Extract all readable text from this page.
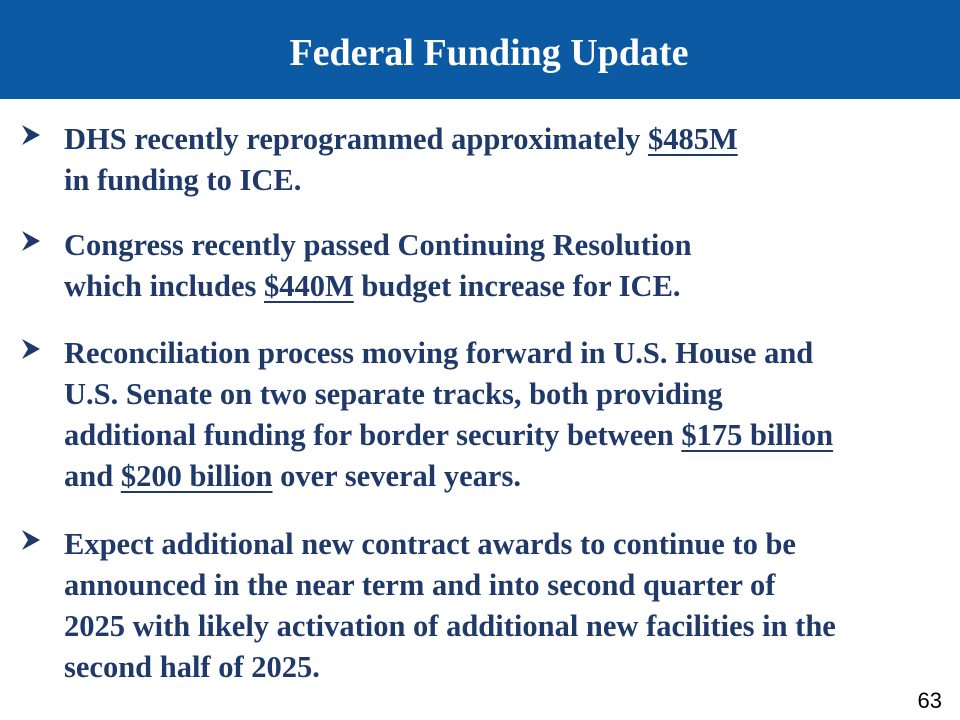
Federal Funding Update
DHS recently reprogrammed approximately $485M
in funding to ICE.
Congress recently passed Continuing Resolution
which includes $440M budget increase for ICE.
Reconciliation process moving forward in U.S. House and
U.S. Senate on two separate tracks, both providing
additional funding for border security between $175 billion
and $200 billion over several years.
Expect additional new contract awards to continue to be
announced in the near term and into second quarter of
2025 with likely activation of additional new facilities in the
second half of 2025.
63
